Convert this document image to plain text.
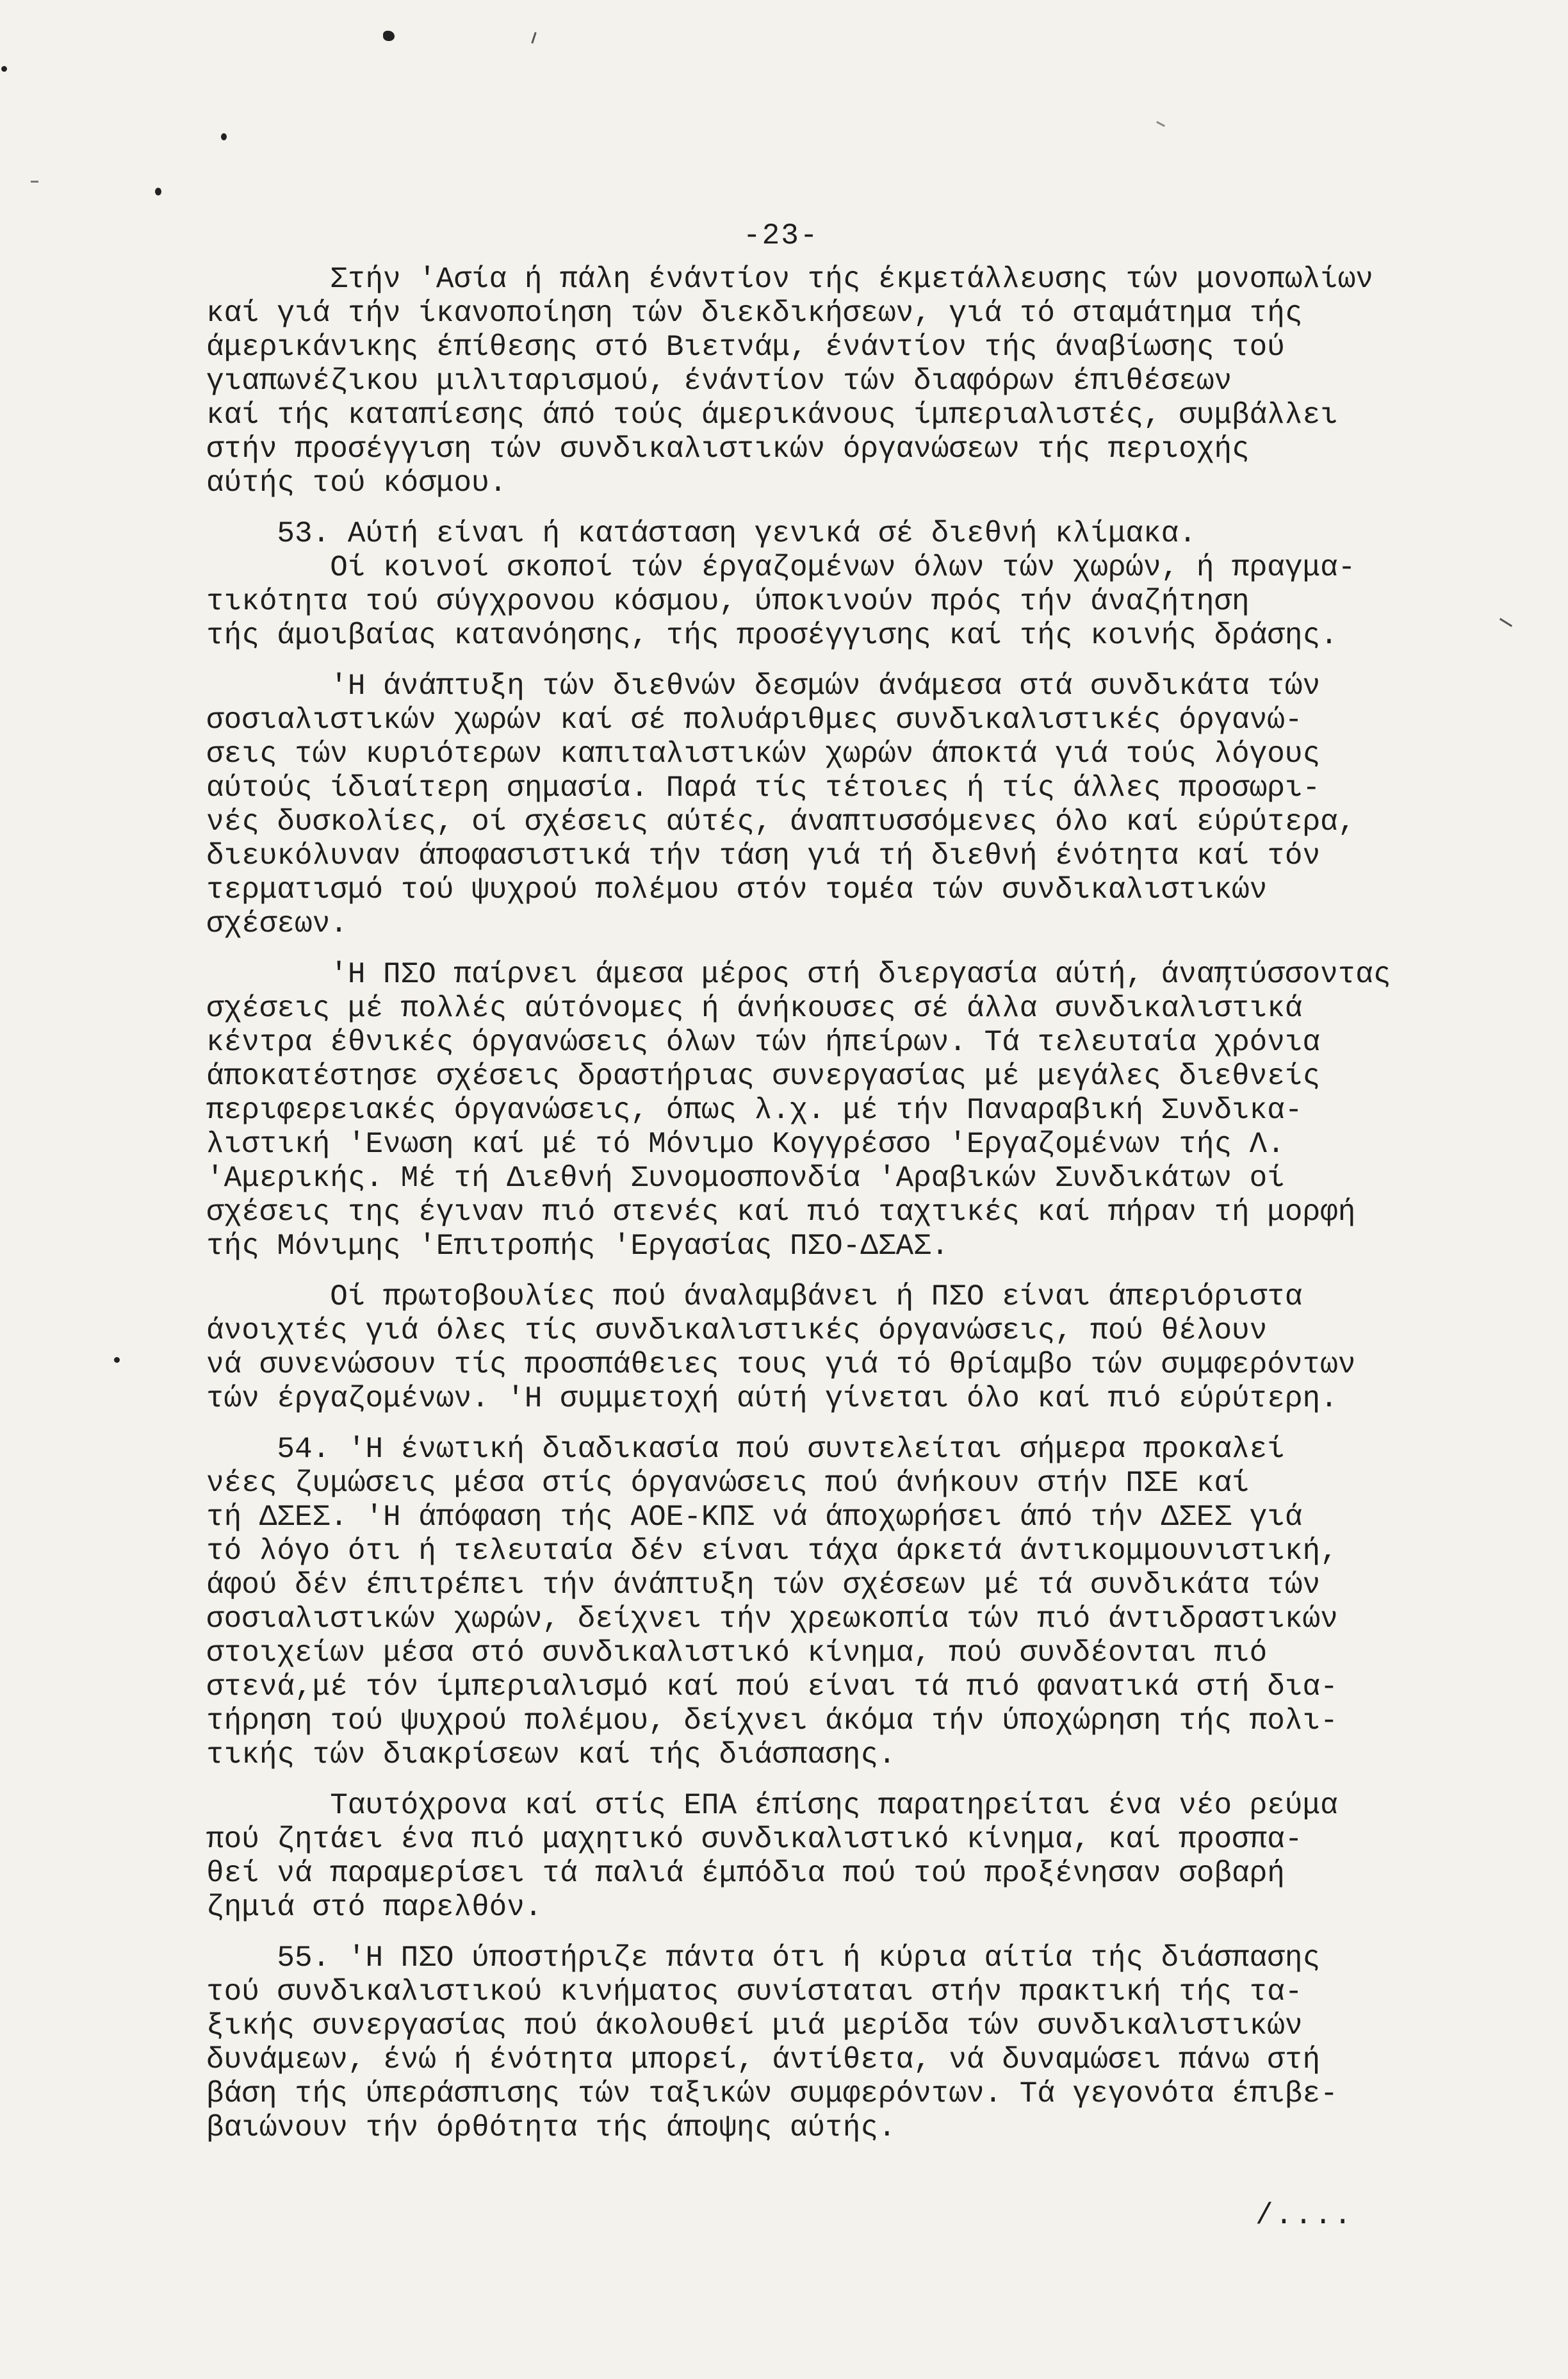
-23-
Στήν 'Ασία ή πάλη ένάντίον τής έκμετάλλευσης τών μονοπωλίων
καί γιά τήν ίκανοποίηση τών διεκδικήσεων, γιά τό σταμάτημα τής
άμερικάνικης έπίθεσης στό Βιετνάμ, ένάντίον τής άναβίωσης τού
γιαπωνέζικου μιλιταρισμού, ένάντίον τών διαφόρων έπιθέσεων
καί τής καταπίεσης άπό τούς άμερικάνους ίμπεριαλιστές, συμβάλλει
στήν προσέγγιση τών συνδικαλιστικών όργανώσεων τής περιοχής
αύτής τού κόσμου.
53. Αύτή είναι ή κατάσταση γενικά σέ διεθνή κλίμακα.
Οί κοινοί σκοποί τών έργαζομένων όλων τών χωρών, ή πραγμα-
τικότητα τού σύγχρονου κόσμου, ύποκινούν πρός τήν άναζήτηση
τής άμοιβαίας κατανόησης, τής προσέγγισης καί τής κοινής δράσης.
'Η άνάπτυξη τών διεθνών δεσμών άνάμεσα στά συνδικάτα τών
σοσιαλιστικών χωρών καί σέ πολυάριθμες συνδικαλιστικές όργανώ-
σεις τών κυριότερων καπιταλιστικών χωρών άποκτά γιά τούς λόγους
αύτούς ίδιαίτερη σημασία. Παρά τίς τέτοιες ή τίς άλλες προσωρι-
νές δυσκολίες, οί σχέσεις αύτές, άναπτυσσόμενες όλο καί εύρύτερα,
διευκόλυναν άποφασιστικά τήν τάση γιά τή διεθνή ένότητα καί τόν
τερματισμό τού ψυχρού πολέμου στόν τομέα τών συνδικαλιστικών
σχέσεων.
'Η ΠΣΟ παίρνει άμεσα μέρος στή διεργασία αύτή, άναπτύσσοντας
σχέσεις μέ πολλές αύτόνομες ή άνήκουσες σέ άλλα συνδικαλιστικά
κέντρα έθνικές όργανώσεις όλων τών ήπείρων. Τά τελευταία χρόνια
άποκατέστησε σχέσεις δραστήριας συνεργασίας μέ μεγάλες διεθνείς
περιφερειακές όργανώσεις, όπως λ.χ. μέ τήν Παναραβική Συνδικα-
λιστική 'Ενωση καί μέ τό Μόνιμο Κογγρέσσο 'Εργαζομένων τής Λ.
'Αμερικής. Μέ τή Διεθνή Συνομοσπονδία 'Αραβικών Συνδικάτων οί
σχέσεις της έγιναν πιό στενές καί πιό ταχτικές καί πήραν τή μορφή
τής Μόνιμης 'Επιτροπής 'Εργασίας ΠΣΟ-ΔΣΑΣ.
Οί πρωτοβουλίες πού άναλαμβάνει ή ΠΣΟ είναι άπεριόριστα
άνοιχτές γιά όλες τίς συνδικαλιστικές όργανώσεις, πού θέλουν
νά συνενώσουν τίς προσπάθειες τους γιά τό θρίαμβο τών συμφερόντων
τών έργαζομένων. 'Η συμμετοχή αύτή γίνεται όλο καί πιό εύρύτερη.
54. 'Η ένωτική διαδικασία πού συντελείται σήμερα προκαλεί
νέες ζυμώσεις μέσα στίς όργανώσεις πού άνήκουν στήν ΠΣΕ καί
τή ΔΣΕΣ. 'Η άπόφαση τής ΑΟΕ-ΚΠΣ νά άποχωρήσει άπό τήν ΔΣΕΣ γιά
τό λόγο ότι ή τελευταία δέν είναι τάχα άρκετά άντικομμουνιστική,
άφού δέν έπιτρέπει τήν άνάπτυξη τών σχέσεων μέ τά συνδικάτα τών
σοσιαλιστικών χωρών, δείχνει τήν χρεωκοπία τών πιό άντιδραστικών
στοιχείων μέσα στό συνδικαλιστικό κίνημα, πού συνδέονται πιό
στενά,μέ τόν ίμπεριαλισμό καί πού είναι τά πιό φανατικά στή δια-
τήρηση τού ψυχρού πολέμου, δείχνει άκόμα τήν ύποχώρηση τής πολι-
τικής τών διακρίσεων καί τής διάσπασης.
Ταυτόχρονα καί στίς ΕΠΑ έπίσης παρατηρείται ένα νέο ρεύμα
πού ζητάει ένα πιό μαχητικό συνδικαλιστικό κίνημα, καί προσπα-
θεί νά παραμερίσει τά παλιά έμπόδια πού τού προξένησαν σοβαρή
ζημιά στό παρελθόν.
55. 'Η ΠΣΟ ύποστήριζε πάντα ότι ή κύρια αίτία τής διάσπασης
τού συνδικαλιστικού κινήματος συνίσταται στήν πρακτική τής τα-
ξικής συνεργασίας πού άκολουθεί μιά μερίδα τών συνδικαλιστικών
δυνάμεων, ένώ ή ένότητα μπορεί, άντίθετα, νά δυναμώσει πάνω στή
βάση τής ύπεράσπισης τών ταξικών συμφερόντων. Τά γεγονότα έπιβε-
βαιώνουν τήν όρθότητα τής άποψης αύτής.
/....
